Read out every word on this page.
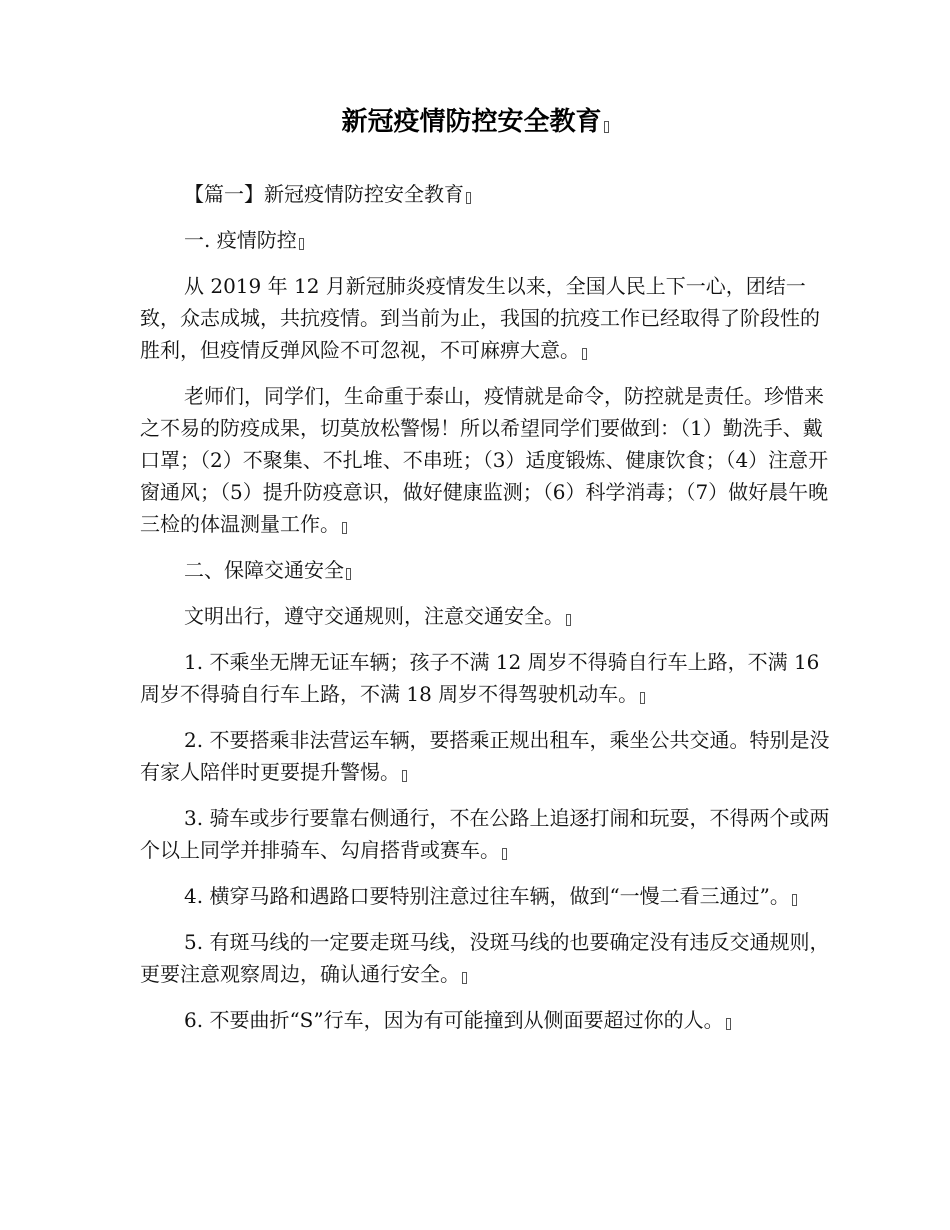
新冠疫情防控安全教育

【篇一】新冠疫情防控安全教育

一. 疫情防控

从 2019 年 12 月新冠肺炎疫情发生以来，全国人民上下一心，团结一致，众志成城，共抗疫情。到当前为止，我国的抗疫工作已经取得了阶段性的胜利，但疫情反弹风险不可忽视，不可麻痹大意。

老师们，同学们，生命重于泰山，疫情就是命令，防控就是责任。珍惜来之不易的防疫成果，切莫放松警惕！所以希望同学们要做到：（1）勤洗手、戴口罩；（2）不聚集、不扎堆、不串班；（3）适度锻炼、健康饮食；（4）注意开窗通风；（5）提升防疫意识，做好健康监测；（6）科学消毒；（7）做好晨午晚三检的体温测量工作。

二、保障交通安全

文明出行，遵守交通规则，注意交通安全。

1. 不乘坐无牌无证车辆；孩子不满 12 周岁不得骑自行车上路，不满 16 周岁不得骑自行车上路，不满 18 周岁不得驾驶机动车。

2. 不要搭乘非法营运车辆，要搭乘正规出租车，乘坐公共交通。特别是没有家人陪伴时更要提升警惕。

3. 骑车或步行要靠右侧通行，不在公路上追逐打闹和玩耍，不得两个或两个以上同学并排骑车、勾肩搭背或赛车。

4. 横穿马路和遇路口要特别注意过往车辆，做到“一慢二看三通过”。

5. 有斑马线的一定要走斑马线，没斑马线的也要确定没有违反交通规则，更要注意观察周边，确认通行安全。

6. 不要曲折“S”行车，因为有可能撞到从侧面要超过你的人。
